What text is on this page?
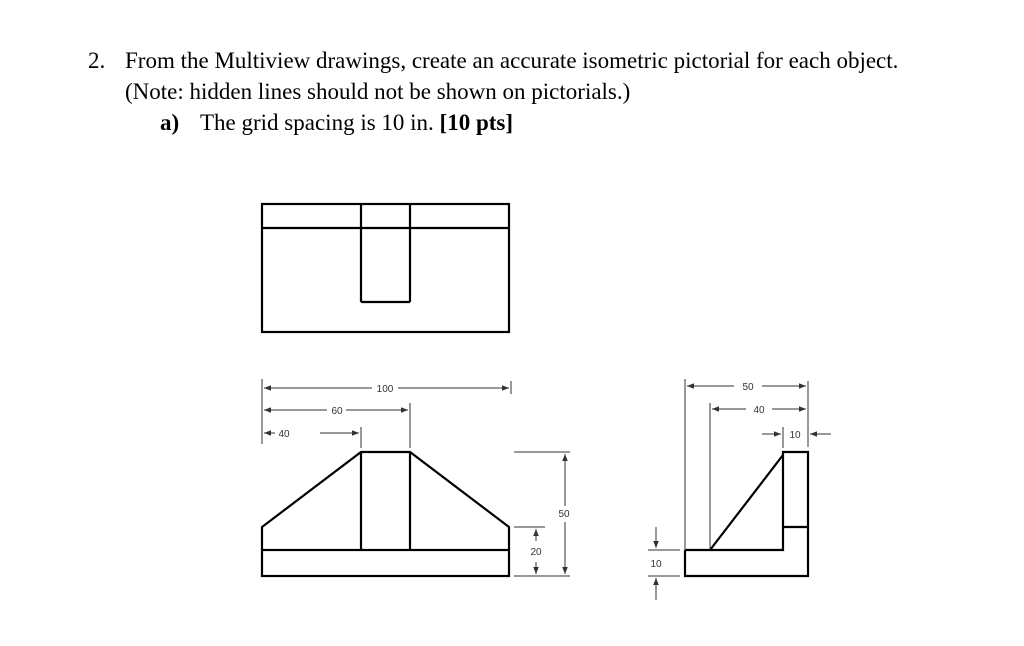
2. From the Multiview drawings, create an accurate isometric pictorial for each object.
(Note: hidden lines should not be shown on pictorials.)
a) The grid spacing is 10 in. [10 pts]
100
60
40
50
20
50
40
10
10
